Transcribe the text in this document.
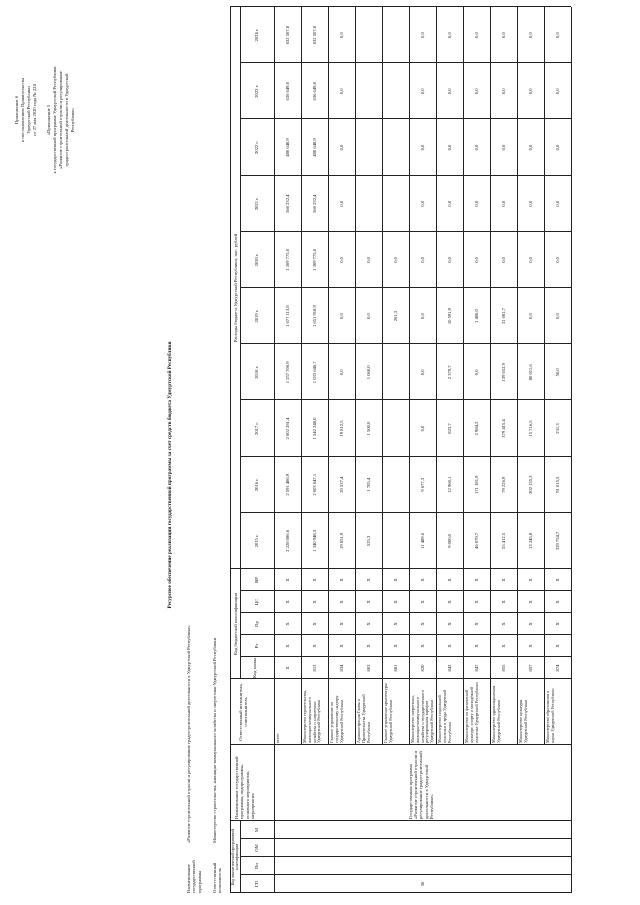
Приложение 6 к постановлению Правительства Удмуртской Республики от 27 мая 2020 года № 224 «Приложение 5 к государственной программе Удмуртской Республики «Развитие строительной отрасли и регулирование градостроительной деятельности в Удмуртской Республике»
Ресурсное обеспечение реализации государственной программы за счет средств бюджета Удмуртской Республики
Наименование государственной программы
«Развитие строительной отрасли и регулирование градостроительной деятельности в Удмуртской Республике»
Ответственный исполнитель
Министерство строительства, жилищно-коммунального хозяйства и энергетики Удмуртской Республики
Код аналитической программной классификации
ГП
Пп
ОМ
М
Наименование государственной программы, подпрограммы, основного мероприятия, мероприятия
Ответственный исполнитель, соисполнитель
Код бюджетной классификации
Код главы
Рз
Пр
ЦС
ВР
Расходы бюджета Удмуртской Республики, тыс. рублей
2015 г.
2016 г.
2017 г.
2018 г.
2019 г.
2020 г.
2021 г.
2022 г.
2023 г.
2024 г.
36
Государственная программа «Развитие строительной отрасли и регулирование градостроительной деятельности в Удмуртской Республике»
всего
Х
Х
Х
Х
Х
2 228 086,6
2 591 486,9
2 602 281,4
1 257 706,9
1 677 113,8
1 369 775,0
566 232,4
480 648,9
636 649,8
632 507,8
Министерство строительства, жилищно-коммунального хозяйства и энергетики Удмуртской Республики
813
Х
Х
Х
Х
1 340 948,3
2 003 047,1
1 542 248,0
1 033 646,7
1 651 918,9
1 369 775,0
566 232,4
480 648,9
636 649,8
632 507,8
Главное управление по государственному надзору Удмуртской Республики
834
Х
Х
Х
Х
19 851,9
20 537,4
19 812,5
0,0
0,0
0,0
0,0
0,0
0,0
0,0
Администрация Главы и Правительства Удмуртской Республики
803
Х
Х
Х
Х
525,3
1 705,4
1 500,0
1 060,0
0,0
0,0
Главное управление архитектуры Удмуртской Республики
881
Х
Х
Х
Х
261,3
0,0
Министерство энергетики, жилищно-коммунального хозяйства и государственного регулирования тарифов Удмуртской Республики
820
Х
Х
Х
Х
11 489,6
9 677,3
0,0
0,0
0,0
0,0
0,0
0,0
0,0
0,0
Министерство социальной политики и труда Удмуртской Республики
843
Х
Х
Х
Х
9 000,0
12 960,1
823,7
2 379,7
10 591,9
0,0
0,0
0,0
0,0
0,0
Министерство по физической культуре, спорту и молодёжной политике Удмуртской Республики
847
Х
Х
Х
Х
46 079,7
171 181,9
2 984,2
0,0
1 400,0
0,0
0,0
0,0
0,0
0,0
Министерство здравоохранения Удмуртской Республики
855
Х
Х
Х
Х
55 412,5
79 226,9
379 415,4
139 652,9
31 081,7
0,0
0,0
0,0
0,0
0,0
Министерство культуры Удмуртской Республики
857
Х
Х
Х
Х
13 345,8
202 135,3
15 716,5
80 011,6
0,0
0,0
0,0
0,0
0,0
0,0
Министерство образования и науки Удмуртской Республики
874
Х
Х
Х
Х
329 754,7
91 015,5
231,3
50,0
0,0
0,0
0,0
0,0
0,0
0,0
